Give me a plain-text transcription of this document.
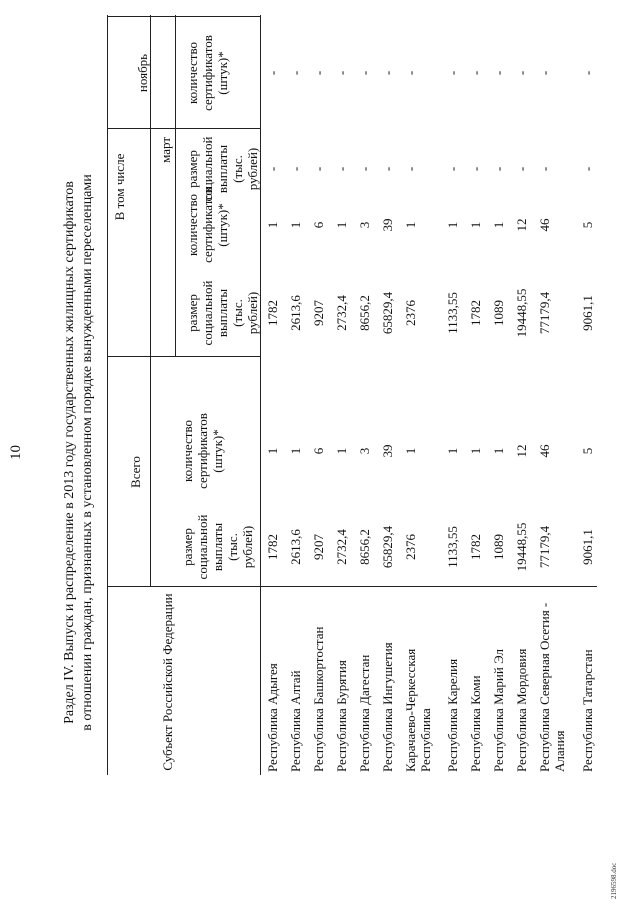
10	Раздел IV. Выпуск и распределение в 2013 году государственных жилищных сертификатов в отношении граждан, признанных в установленном порядке вынужденными переселенцами	Субъект Российской Федерации
Всего
В том числе
март
ноябрь
размер социальной выплаты (тыс. рублей)
количество сертификатов (штук)*
размер социальной выплаты (тыс. рублей)
количество сертификатов (штук)*
размер социальной выплаты (тыс. рублей)
количество сертификатов (штук)*
Республика Адыгея
1782
1
1782
1
-
-
Республика Алтай
2613,6
1
2613,6
1
-
-
Республика Башкортостан
9207
6
9207
6
-
-
Республика Бурятия
2732,4
1
2732,4
1
-
-
Республика Дагестан
8656,2
3
8656,2
3
-
-
Республика Ингушетия
65829,4
39
65829,4
39
-
-
Карачаево-Черкесская Республика
2376
1
2376
1
-
-
Республика Карелия
1133,55
1
1133,55
1
-
-
Республика Коми
1782
1
1782
1
-
-
Республика Марий Эл
1089
1
1089
1
-
-
Республика Мордовия
19448,55
12
19448,55
12
-
-
Республика Северная Осетия - Алания
77179,4
46
77179,4
46
-
-
Республика Татарстан
9061,1
5
9061,1
5
-
-
2196598.doc
